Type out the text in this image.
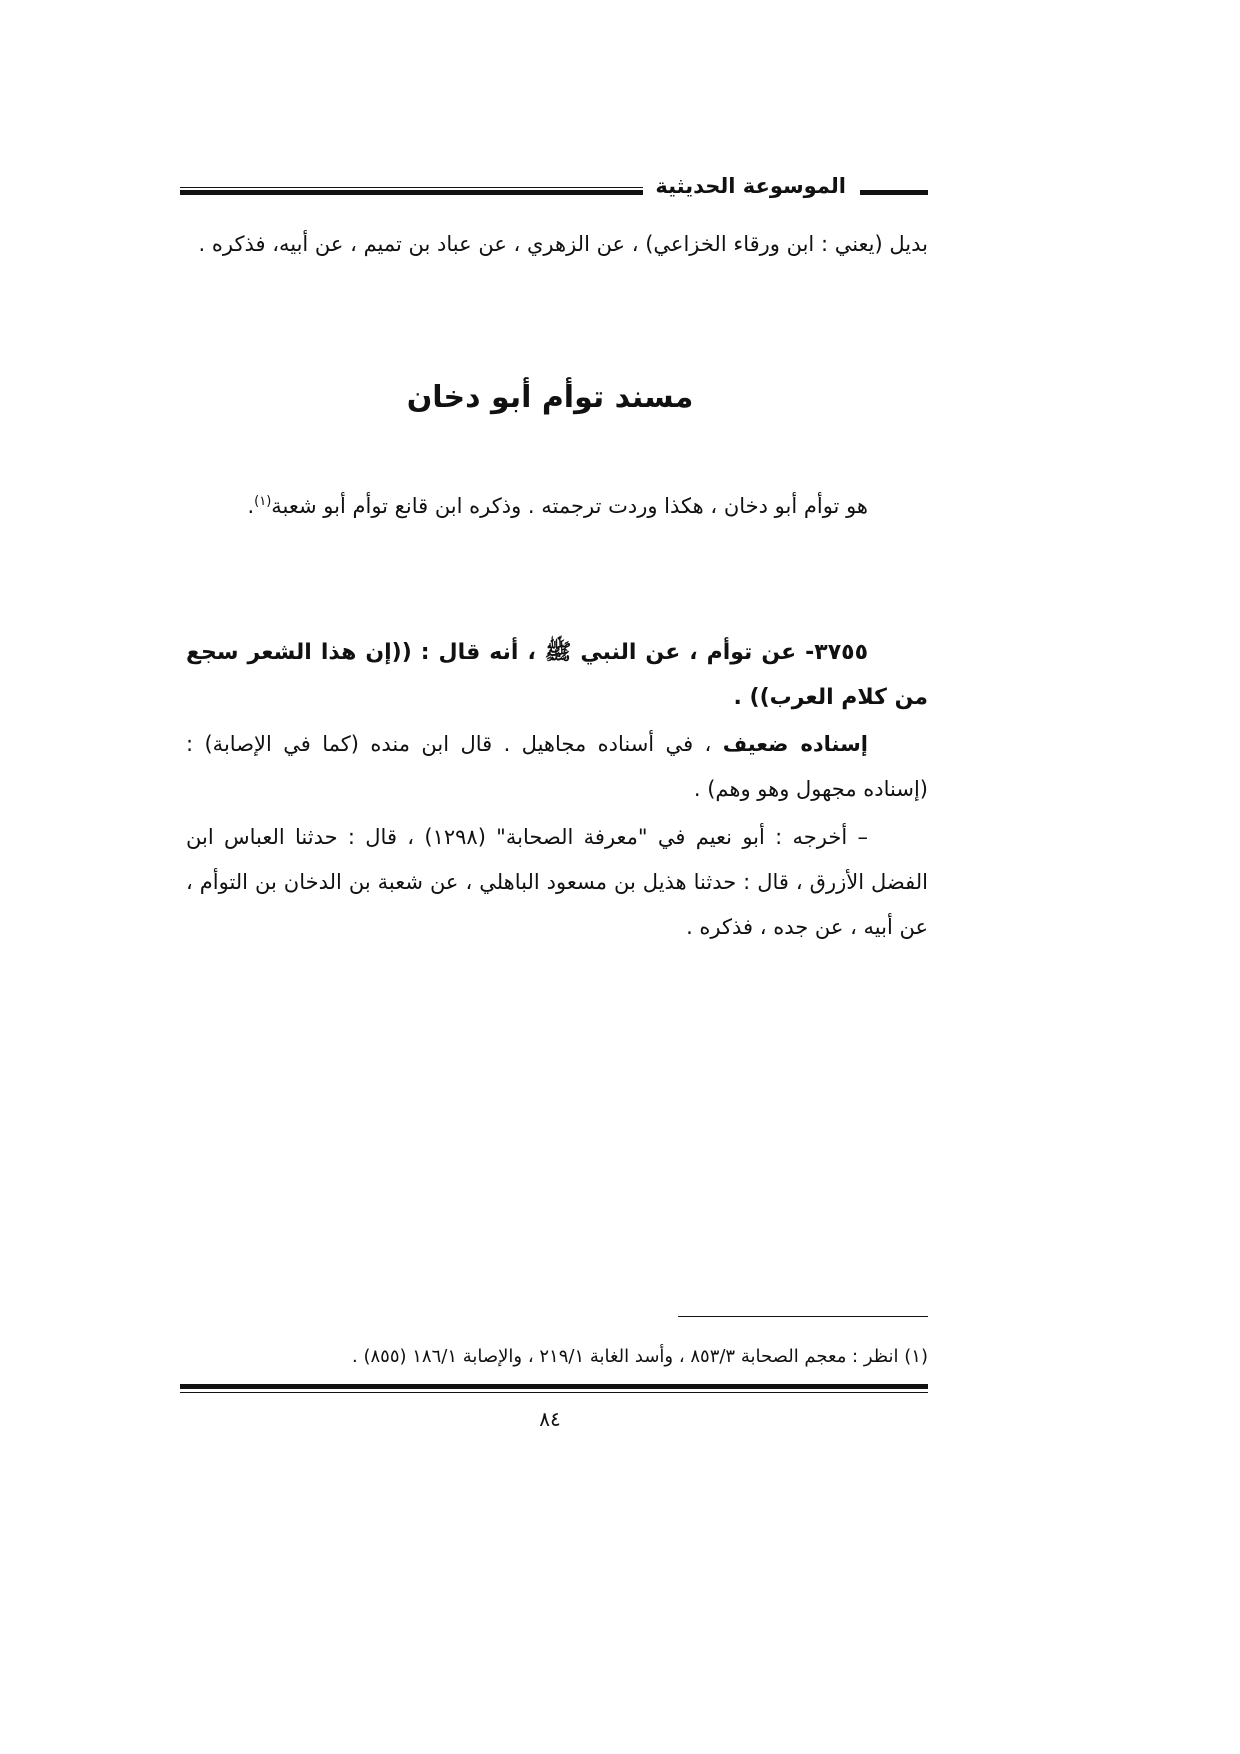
الموسوعة الحديثية

بديل (يعني : ابن ورقاء الخزاعي) ، عن الزهري ، عن عباد بن تميم ، عن أبيه، فذكره .

مسند توأم أبو دخان

هو توأم أبو دخان ، هكذا وردت ترجمته . وذكره ابن قانع توأم أبو شعبة$^{(١)}$.

٣٧٥٥- عن توأم ، عن النبي ﷺ ، أنه قال : ((إن هذا الشعر سجع من كلام العرب)) .

إسناده ضعيف ، في أسناده مجاهيل . قال ابن منده (كما في الإصابة) : (إسناده مجهول وهو وهم) .

– أخرجه : أبو نعيم في "معرفة الصحابة" (١٢٩٨) ، قال : حدثنا العباس ابن الفضل الأزرق ، قال : حدثنا هذيل بن مسعود الباهلي ، عن شعبة بن الدخان بن التوأم ، عن أبيه ، عن جده ، فذكره .

(١) انظر : معجم الصحابة ٨٥٣/٣ ، وأسد الغابة ٢١٩/١ ، والإصابة ١٨٦/١ (٨٥٥) .

٨٤
